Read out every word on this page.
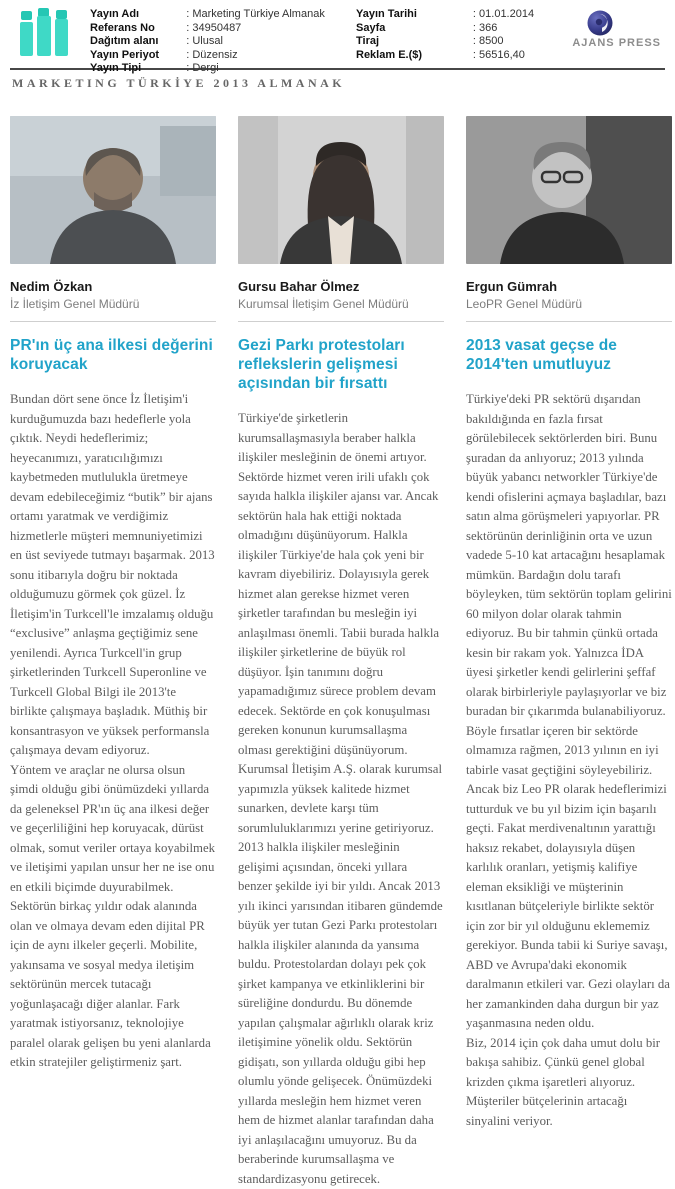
Yayın Adı	: Marketing Türkiye Almanak
Referans No	: 34950487
Dağıtım alanı	: Ulusal
Yayın Periyot	: Düzensiz
Yayın Tipi	: Dergi
Yayın Tarihi	: 01.01.2014
Sayfa	: 366
Tiraj	: 8500
Reklam E.($)	: 56516,40
AJANS PRESS
MARKETING TÜRKİYE 2013 ALMANAK
Nedim Özkan
İz İletişim Genel Müdürü
PR'ın üç ana ilkesi değerini koruyacak

Bundan dört sene önce İz İletişim'i kurduğumuzda bazı hedeflerle yola çıktık. Neydi hedeflerimiz; heyecanımızı, yaratıcılığımızı kaybetmeden mutlulukla üretmeye devam edebileceğimiz “butik” bir ajans ortamı yaratmak ve verdiğimiz hizmetlerle müşteri memnuniyetimizi en üst seviyede tutmayı başarmak. 2013 sonu itibarıyla doğru bir noktada olduğumuzu görmek çok güzel. İz İletişim'in Turkcell'le imzalamış olduğu “exclusive” anlaşma geçtiğimiz sene yenilendi. Ayrıca Turkcell'in grup şirketlerinden Turkcell Superonline ve Turkcell Global Bilgi ile 2013'te birlikte çalışmaya başladık. Müthiş bir konsantrasyon ve yüksek performansla çalışmaya devam ediyoruz.

Yöntem ve araçlar ne olursa olsun şimdi olduğu gibi önümüzdeki yıllarda da geleneksel PR'ın üç ana ilkesi değer ve geçerliliğini hep koruyacak, dürüst olmak, somut veriler ortaya koyabilmek ve iletişimi yapılan unsur her ne ise onu en etkili biçimde duyurabilmek. Sektörün birkaç yıldır odak alanında olan ve olmaya devam eden dijital PR için de aynı ilkeler geçerli. Mobilite, yakınsama ve sosyal medya iletişim sektörünün mercek tutacağı yoğunlaşacağı diğer alanlar. Fark yaratmak istiyorsanız, teknolojiye paralel olarak gelişen bu yeni alanlarda etkin stratejiler geliştirmeniz şart.

Gursu Bahar Ölmez
Kurumsal İletişim Genel Müdürü
Gezi Parkı protestoları reflekslerin gelişmesi açısından bir fırsattı

Türkiye'de şirketlerin kurumsallaşmasıyla beraber halkla ilişkiler mesleğinin de önemi artıyor. Sektörde hizmet veren irili ufaklı çok sayıda halkla ilişkiler ajansı var. Ancak sektörün hala hak ettiği noktada olmadığını düşünüyorum. Halkla ilişkiler Türkiye'de hala çok yeni bir kavram diyebiliriz. Dolayısıyla gerek hizmet alan gerekse hizmet veren şirketler tarafından bu mesleğin iyi anlaşılması önemli. Tabii burada halkla ilişkiler şirketlerine de büyük rol düşüyor. İşin tanımını doğru yapamadığımız sürece problem devam edecek. Sektörde en çok konuşulması gereken konunun kurumsallaşma olması gerektiğini düşünüyorum.

Kurumsal İletişim A.Ş. olarak kurumsal yapımızla yüksek kalitede hizmet sunarken, devlete karşı tüm sorumluluklarımızı yerine getiriyoruz. 2013 halkla ilişkiler mesleğinin gelişimi açısından, önceki yıllara benzer şekilde iyi bir yıldı. Ancak 2013 yılı ikinci yarısından itibaren gündemde büyük yer tutan Gezi Parkı protestoları halkla ilişkiler alanında da yansıma buldu. Protestolardan dolayı pek çok şirket kampanya ve etkinliklerini bir süreliğine dondurdu. Bu dönemde yapılan çalışmalar ağırlıklı olarak kriz iletişimine yönelik oldu. Sektörün gidişatı, son yıllarda olduğu gibi hep olumlu yönde gelişecek. Önümüzdeki yıllarda mesleğin hem hizmet veren hem de hizmet alanlar tarafından daha iyi anlaşılacağını umuyoruz. Bu da beraberinde kurumsallaşma ve standardizasyonu getirecek.

Ergun Gümrah
LeoPR Genel Müdürü
2013 vasat geçse de 2014'ten umutluyuz

Türkiye'deki PR sektörü dışarıdan bakıldığında en fazla fırsat görülebilecek sektörlerden biri. Bunu şuradan da anlıyoruz; 2013 yılında büyük yabancı networkler Türkiye'de kendi ofislerini açmaya başladılar, bazı satın alma görüşmeleri yapıyorlar. PR sektörünün derinliğinin orta ve uzun vadede 5-10 kat artacağını hesaplamak mümkün. Bardağın dolu tarafı böyleyken, tüm sektörün toplam gelirini 60 milyon dolar olarak tahmin ediyoruz. Bu bir tahmin çünkü ortada kesin bir rakam yok. Yalnızca İDA üyesi şirketler kendi gelirlerini şeffaf olarak birbirleriyle paylaşıyorlar ve biz buradan bir çıkarımda bulanabiliyoruz. Böyle fırsatlar içeren bir sektörde olmamıza rağmen, 2013 yılının en iyi tabirle vasat geçtiğini söyleyebiliriz. Ancak biz Leo PR olarak hedeflerimizi tutturduk ve bu yıl bizim için başarılı geçti. Fakat merdivenaltının yarattığı haksız rekabet, dolayısıyla düşen karlılık oranları, yetişmiş kalifiye eleman eksikliği ve müşterinin kısıtlanan bütçeleriyle birlikte sektör için zor bir yıl olduğunu eklememiz gerekiyor. Bunda tabii ki Suriye savaşı, ABD ve Avrupa'daki ekonomik daralmanın etkileri var. Gezi olayları da her zamankinden daha durgun bir yaz yaşanmasına neden oldu.

Biz, 2014 için çok daha umut dolu bir bakışa sahibiz. Çünkü genel global krizden çıkma işaretleri alıyoruz. Müşteriler bütçelerinin artacağı sinyalini veriyor.
